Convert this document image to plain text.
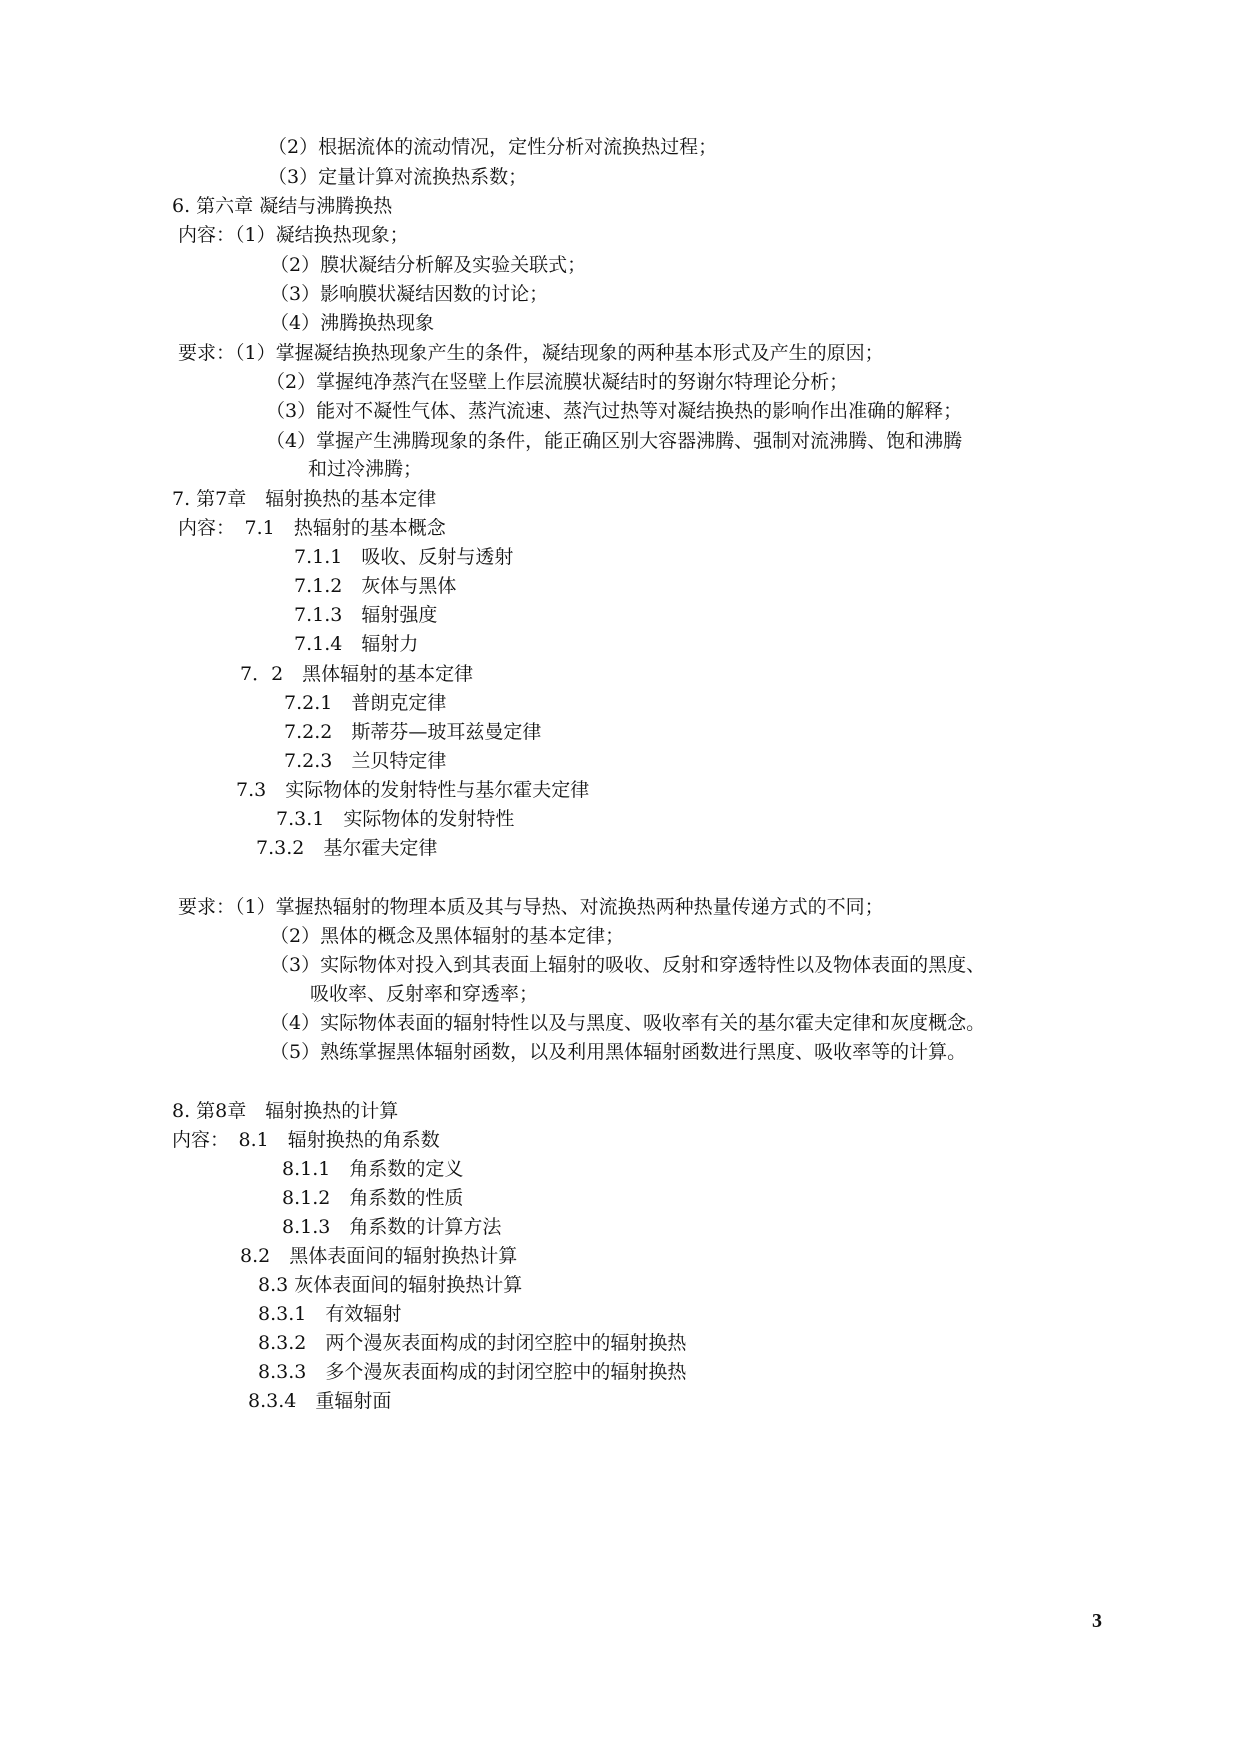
（2）根据流体的流动情况，定性分析对流换热过程；
（3）定量计算对流换热系数；
6. 第六章 凝结与沸腾换热
内容：（1）凝结换热现象；
（2）膜状凝结分析解及实验关联式；
（3）影响膜状凝结因数的讨论；
（4）沸腾换热现象
要求：（1）掌握凝结换热现象产生的条件，凝结现象的两种基本形式及产生的原因；
（2）掌握纯净蒸汽在竖壁上作层流膜状凝结时的努谢尔特理论分析；
（3）能对不凝性气体、蒸汽流速、蒸汽过热等对凝结换热的影响作出准确的解释；
（4）掌握产生沸腾现象的条件，能正确区别大容器沸腾、强制对流沸腾、饱和沸腾
和过冷沸腾；
7. 第7章　辐射换热的基本定律
内容：　7.1　热辐射的基本概念
7.1.1　吸收、反射与透射
7.1.2　灰体与黑体
7.1.3　辐射强度
7.1.4　辐射力
7．2　黑体辐射的基本定律
7.2.1　普朗克定律
7.2.2　斯蒂芬—玻耳兹曼定律
7.2.3　兰贝特定律
7.3　实际物体的发射特性与基尔霍夫定律
7.3.1　实际物体的发射特性
7.3.2　基尔霍夫定律
要求：（1）掌握热辐射的物理本质及其与导热、对流换热两种热量传递方式的不同；
（2）黑体的概念及黑体辐射的基本定律；
（3）实际物体对投入到其表面上辐射的吸收、反射和穿透特性以及物体表面的黑度、
吸收率、反射率和穿透率；
（4）实际物体表面的辐射特性以及与黑度、吸收率有关的基尔霍夫定律和灰度概念。
（5）熟练掌握黑体辐射函数，以及利用黑体辐射函数进行黑度、吸收率等的计算。
8. 第8章　辐射换热的计算
内容：　8.1　辐射换热的角系数
8.1.1　角系数的定义
8.1.2　角系数的性质
8.1.3　角系数的计算方法
8.2　黑体表面间的辐射换热计算
8.3 灰体表面间的辐射换热计算
8.3.1　有效辐射
8.3.2　两个漫灰表面构成的封闭空腔中的辐射换热
8.3.3　多个漫灰表面构成的封闭空腔中的辐射换热
8.3.4　重辐射面
3
